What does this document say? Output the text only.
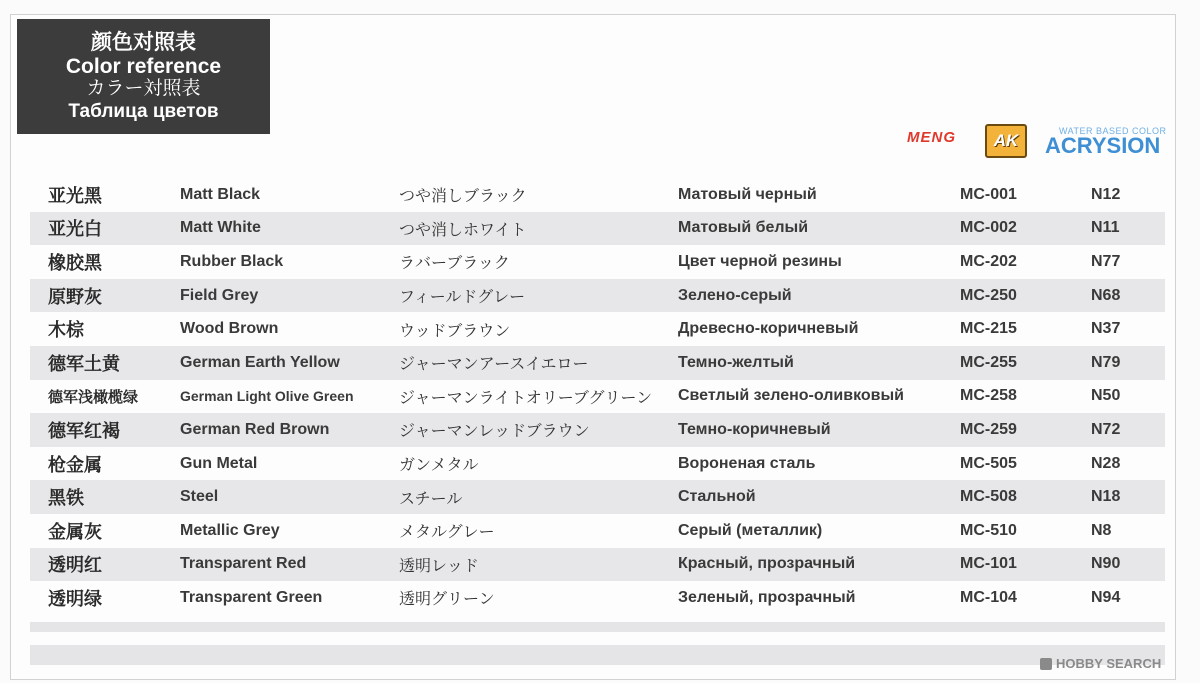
颜色对照表
Color reference
カラー対照表
Таблица цветов
MENG AK	WATER BASED COLOR
ACRYSION
亚光黑	Matt Black	つや消しブラック	Матовый черный	MC-001	N12
亚光白	Matt White	つや消しホワイト	Матовый белый	MC-002	N11
橡胶黑	Rubber Black	ラバーブラック	Цвет черной резины	MC-202	N77
原野灰	Field Grey	フィールドグレー	Зелено-серый	MC-250	N68
木棕	Wood Brown	ウッドブラウン	Древесно-коричневый	MC-215	N37
德军土黄	German Earth Yellow	ジャーマンアースイエロー	Темно-желтый	MC-255	N79
德军浅橄榄绿	German Light Olive Green	ジャーマンライトオリーブグリーン Светлый зелено-оливковый	MC-258	N50
德军红褐	German Red Brown	ジャーマンレッドブラウン	Темно-коричневый	MC-259	N72
枪金属	Gun Metal	ガンメタル	Вороненая сталь	MC-505	N28
黑铁	Steel	スチール	Стальной	MC-508	N18
金属灰	Metallic Grey	メタルグレー	Серый (металлик)	MC-510	N8
透明红	Transparent Red	透明レッド	Красный, прозрачный	MC-101	N90
透明绿	Transparent Green	透明グリーン	Зеленый, прозрачный	MC-104	N94
HOBBY SEARCH
